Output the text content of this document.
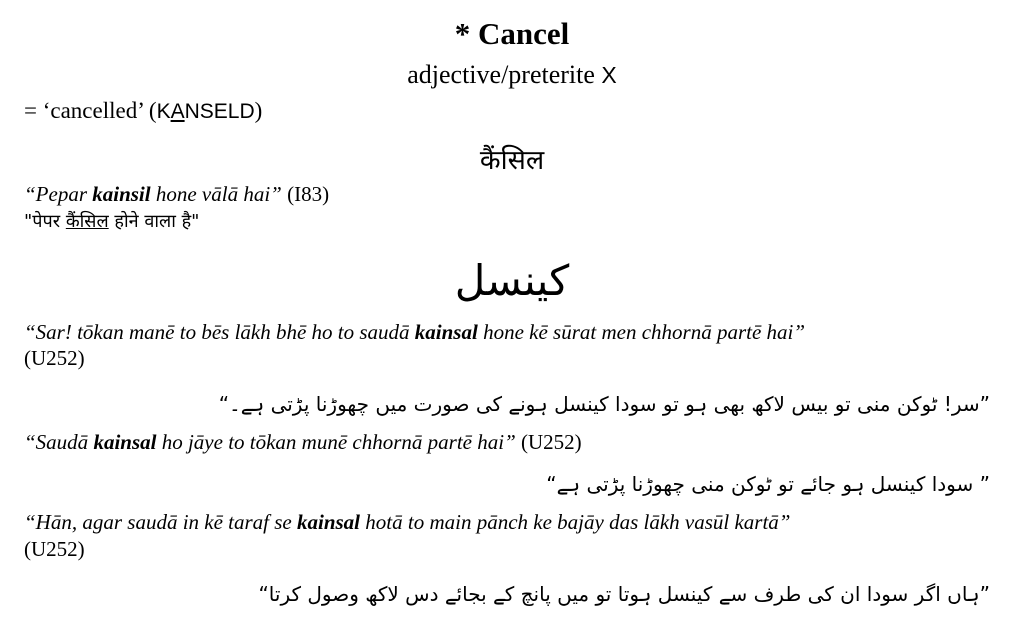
* Cancel
adjective/preterite X
= ‘cancelled’ (KANSELD)
कैंसिल
“Pepar kainsil hone vālā hai” (I83)
"पेपर कैंसिल होने वाला है"
کینسل
“Sar! tōkan manē to bēs lākh bhē ho to saudā kainsal hone kē sūrat men chhornā partē hai”
(U252)
”سر! ٹوکن منی تو بیس لاکھ بھی ہو تو سودا کینسل ہونے کی صورت میں چھوڑنا پڑتی ہے۔“
“Saudā kainsal ho jāye to tōkan munē chhornā partē hai” (U252)
” سودا کینسل ہو جائے تو ٹوکن منی چھوڑنا پڑتی ہے“
“Hān, agar saudā in kē taraf se kainsal hotā to main pānch ke bajāy das lākh vasūl kartā”
(U252)
”ہاں اگر سودا ان کی طرف سے کینسل ہوتا تو میں پانچ کے بجائے دس لاکھ وصول کرتا“
